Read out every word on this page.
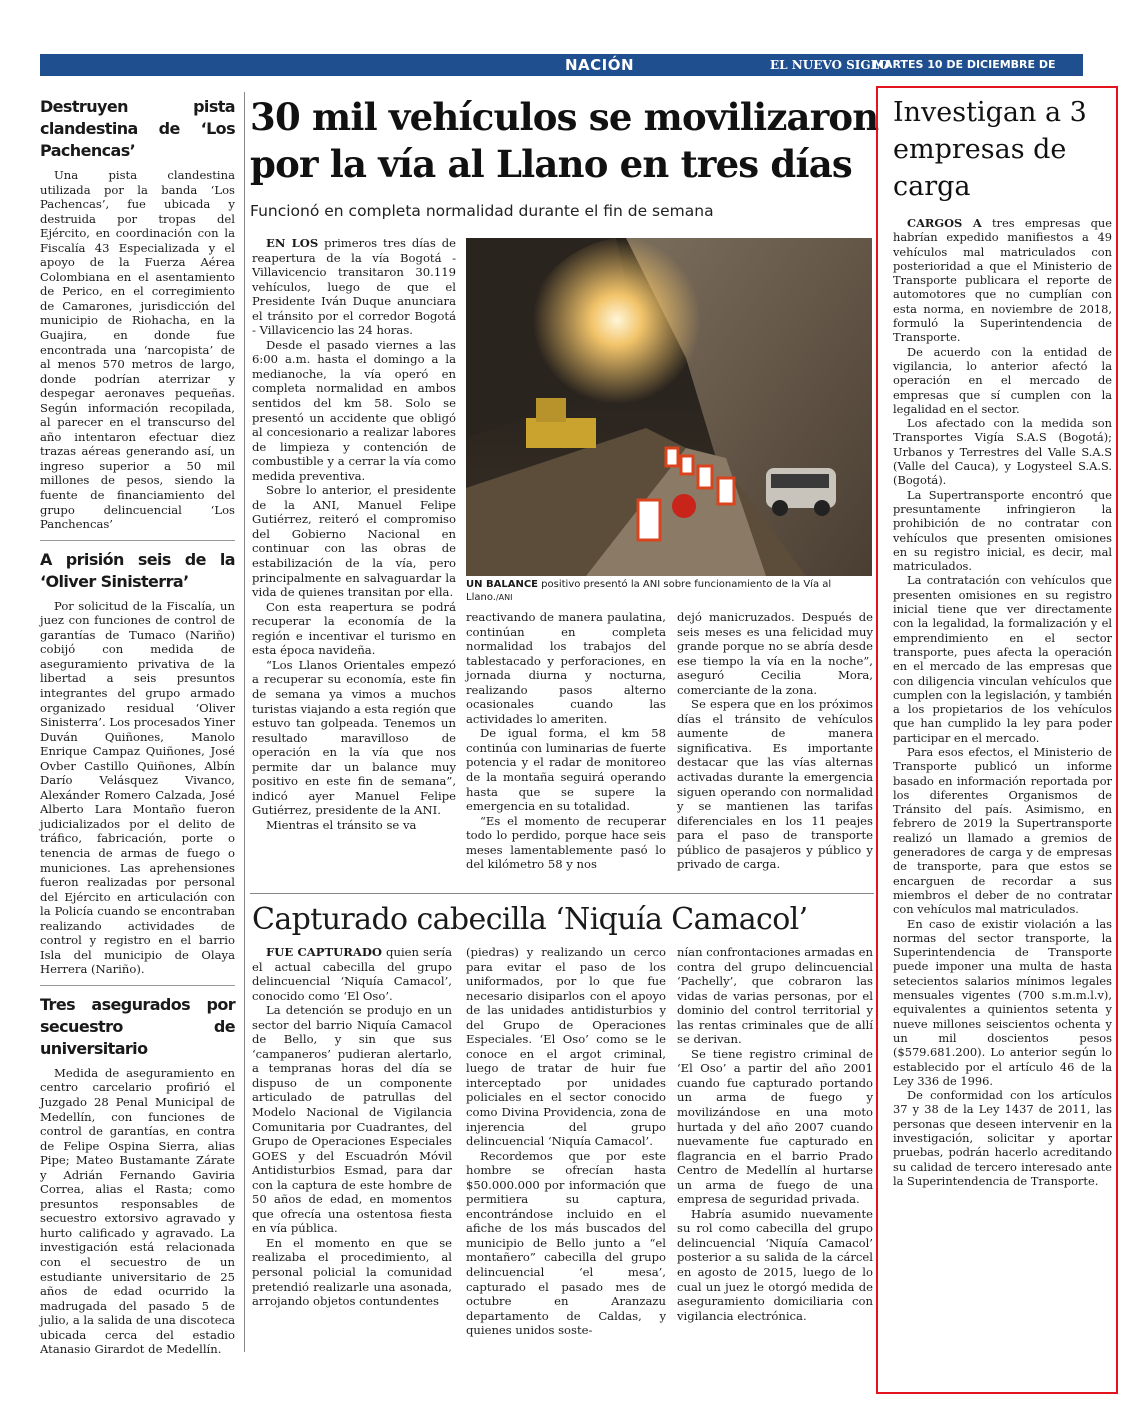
NACIÓN	EL NUEVO SIGLO
MARTES 10 DE DICIEMBRE DE 2019
9B
Destruyen pista clandestina de ‘Los Pachencas’

Una pista clandestina utilizada por la banda ‘Los Pachencas’, fue ubicada y destruida por tropas del Ejército, en coordinación con la Fiscalía 43 Especializada y el apoyo de la Fuerza Aérea Colombiana en el asentamiento de Perico, en el corregimiento de Camarones, jurisdicción del municipio de Riohacha, en la Guajira, en donde fue encontrada una ‘narcopista’ de al menos 570 metros de largo, donde podrían aterrizar y despegar aeronaves pequeñas. Según información recopilada, al parecer en el transcurso del año intentaron efectuar diez trazas aéreas generando así, un ingreso superior a 50 mil millones de pesos, siendo la fuente de financiamiento del grupo delincuencial ‘Los Panchencas’

A prisión seis de la ‘Oliver Sinisterra’

Por solicitud de la Fiscalía, un juez con funciones de control de garantías de Tumaco (Nariño) cobijó con medida de aseguramiento privativa de la libertad a seis presuntos integrantes del grupo armado organizado residual ‘Oliver Sinisterra’. Los procesados Yiner Duván Quiñones, Manolo Enrique Campaz Quiñones, José Ovber Castillo Quiñones, Albín Darío Velásquez Vivanco, Alexánder Romero Calzada, José Alberto Lara Montaño fueron judicializados por el delito de tráfico, fabricación, porte o tenencia de armas de fuego o municiones. Las aprehensiones fueron realizadas por personal del Ejército en articulación con la Policía cuando se encontraban realizando actividades de control y registro en el barrio Isla del municipio de Olaya Herrera (Nariño).

Tres asegurados por secuestro de universitario

Medida de aseguramiento en centro carcelario profirió el Juzgado 28 Penal Municipal de Medellín, con funciones de control de garantías, en contra de Felipe Ospina Sierra, alias Pipe; Mateo Bustamante Zárate y Adrián Fernando Gaviria Correa, alias el Rasta; como presuntos responsables de secuestro extorsivo agravado y hurto calificado y agravado. La investigación está relacionada con el secuestro de un estudiante universitario de 25 años de edad ocurrido la madrugada del pasado 5 de julio, a la salida de una discoteca ubicada cerca del estadio Atanasio Girardot de Medellín.

30 mil vehículos se movilizaron por la vía al Llano en tres días
Funcionó en completa normalidad durante el fin de semana

EN LOS primeros tres días de reapertura de la vía Bogotá - Villavicencio transitaron 30.119 vehículos, luego de que el Presidente Iván Duque anunciara el tránsito por el corredor Bogotá - Villavicencio las 24 horas.

Desde el pasado viernes a las 6:00 a.m. hasta el domingo a la medianoche, la vía operó en completa normalidad en ambos sentidos del km 58. Solo se presentó un accidente que obligó al concesionario a realizar labores de limpieza y contención de combustible y a cerrar la vía como medida preventiva.

Sobre lo anterior, el presidente de la ANI, Manuel Felipe Gutiérrez, reiteró el compromiso del Gobierno Nacional en continuar con las obras de estabilización de la vía, pero principalmente en salvaguardar la vida de quienes transitan por ella.

Con esta reapertura se podrá recuperar la economía de la región e incentivar el turismo en esta época navideña.

“Los Llanos Orientales empezó a recuperar su economía, este fin de semana ya vimos a muchos turistas viajando a esta región que estuvo tan golpeada. Tenemos un resultado maravilloso de operación en la vía que nos permite dar un balance muy positivo en este fin de semana”, indicó ayer Manuel Felipe Gutiérrez, presidente de la ANI.

Mientras el tránsito se va

UN BALANCE positivo presentó la ANI sobre funcionamiento de la Vía al Llano./ANI

reactivando de manera paulatina, continúan en completa normalidad los trabajos del tablestacado y perforaciones, en jornada diurna y nocturna, realizando pasos alterno ocasionales cuando las actividades lo ameriten.

De igual forma, el km 58 continúa con luminarias de fuerte potencia y el radar de monitoreo de la montaña seguirá operando hasta que se supere la emergencia en su totalidad.

“Es el momento de recuperar todo lo perdido, porque hace seis meses lamentablemente pasó lo del kilómetro 58 y nos

dejó manicruzados. Después de seis meses es una felicidad muy grande porque no se abría desde ese tiempo la vía en la noche”, aseguró Cecilia Mora, comerciante de la zona.

Se espera que en los próximos días el tránsito de vehículos aumente de manera significativa. Es importante destacar que las vías alternas activadas durante la emergencia siguen operando con normalidad y se mantienen las tarifas diferenciales en los 11 peajes para el paso de transporte público de pasajeros y público y privado de carga.

Capturado cabecilla ‘Niquía Camacol’

FUE CAPTURADO quien sería el actual cabecilla del grupo delincuencial ‘Niquía Camacol’, conocido como ‘El Oso’.

La detención se produjo en un sector del barrio Niquía Camacol de Bello, y sin que sus ‘campaneros’ pudieran alertarlo, a tempranas horas del día se dispuso de un componente articulado de patrullas del Modelo Nacional de Vigilancia Comunitaria por Cuadrantes, del Grupo de Operaciones Especiales GOES y del Escuadrón Móvil Antidisturbios Esmad, para dar con la captura de este hombre de 50 años de edad, en momentos que ofrecía una ostentosa fiesta en vía pública.

En el momento en que se realizaba el procedimiento, al personal policial la comunidad pretendió realizarle una asonada, arrojando objetos contundentes

(piedras) y realizando un cerco para evitar el paso de los uniformados, por lo que fue necesario disiparlos con el apoyo de las unidades antidisturbios y del Grupo de Operaciones Especiales. ‘El Oso’ como se le conoce en el argot criminal, luego de tratar de huir fue interceptado por unidades policiales en el sector conocido como Divina Providencia, zona de injerencia del grupo delincuencial ‘Niquía Camacol’.

Recordemos que por este hombre se ofrecían hasta $50.000.000 por información que permitiera su captura, encontrándose incluido en el afiche de los más buscados del municipio de Bello junto a “el montañero” cabecilla del grupo delincuencial ‘el mesa’, capturado el pasado mes de octubre en Aranzazu departamento de Caldas, y quienes unidos soste-

nían confrontaciones armadas en contra del grupo delincuencial ‘Pachelly’, que cobraron las vidas de varias personas, por el dominio del control territorial y las rentas criminales que de allí se derivan.

Se tiene registro criminal de ‘El Oso’ a partir del año 2001 cuando fue capturado portando un arma de fuego y movilizándose en una moto hurtada y del año 2007 cuando nuevamente fue capturado en flagrancia en el barrio Prado Centro de Medellín al hurtarse un arma de fuego de una empresa de seguridad privada.

Habría asumido nuevamente su rol como cabecilla del grupo delincuencial ‘Niquía Camacol’ posterior a su salida de la cárcel en agosto de 2015, luego de lo cual un juez le otorgó medida de aseguramiento domiciliaria con vigilancia electrónica.

Investigan a 3 empresas de carga

CARGOS A tres empresas que habrían expedido manifiestos a 49 vehículos mal matriculados con posterioridad a que el Ministerio de Transporte publicara el reporte de automotores que no cumplían con esta norma, en noviembre de 2018, formuló la Superintendencia de Transporte.

De acuerdo con la entidad de vigilancia, lo anterior afectó la operación en el mercado de empresas que sí cumplen con la legalidad en el sector.

Los afectado con la medida son Transportes Vigía S.A.S (Bogotá); Urbanos y Terrestres del Valle S.A.S (Valle del Cauca), y Logysteel S.A.S. (Bogotá).

La Supertransporte encontró que presuntamente infringieron la prohibición de no contratar con vehículos que presenten omisiones en su registro inicial, es decir, mal matriculados.

La contratación con vehículos que presenten omisiones en su registro inicial tiene que ver directamente con la legalidad, la formalización y el emprendimiento en el sector transporte, pues afecta la operación en el mercado de las empresas que con diligencia vinculan vehículos que cumplen con la legislación, y también a los propietarios de los vehículos que han cumplido la ley para poder participar en el mercado.

Para esos efectos, el Ministerio de Transporte publicó un informe basado en información reportada por los diferentes Organismos de Tránsito del país. Asimismo, en febrero de 2019 la Supertransporte realizó un llamado a gremios de generadores de carga y de empresas de transporte, para que estos se encarguen de recordar a sus miembros el deber de no contratar con vehículos mal matriculados.

En caso de existir violación a las normas del sector transporte, la Superintendencia de Transporte puede imponer una multa de hasta setecientos salarios mínimos legales mensuales vigentes (700 s.m.m.l.v), equivalentes a quinientos setenta y nueve millones seiscientos ochenta y un mil doscientos pesos ($579.681.200). Lo anterior según lo establecido por el artículo 46 de la Ley 336 de 1996.

De conformidad con los artículos 37 y 38 de la Ley 1437 de 2011, las personas que deseen intervenir en la investigación, solicitar y aportar pruebas, podrán hacerlo acreditando su calidad de tercero interesado ante la Superintendencia de Transporte.
